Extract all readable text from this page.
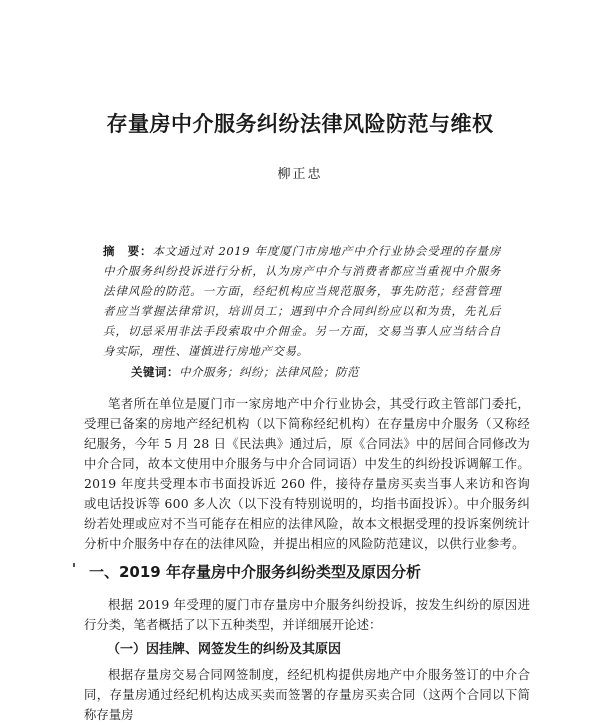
存量房中介服务纠纷法律风险防范与维权
柳正忠
摘　要：本文通过对 2019 年度厦门市房地产中介行业协会受理的存量房中介服务纠纷投诉进行分析，认为房产中介与消费者都应当重视中介服务法律风险的防范。一方面，经纪机构应当规范服务，事先防范；经营管理者应当掌握法律常识，培训员工；遇到中介合同纠纷应以和为贵，先礼后兵，切忌采用非法手段索取中介佣金。另一方面，交易当事人应当结合自身实际，理性、谨慎进行房地产交易。
关键词：中介服务；纠纷；法律风险；防范
笔者所在单位是厦门市一家房地产中介行业协会，其受行政主管部门委托，受理已备案的房地产经纪机构（以下简称经纪机构）在存量房中介服务（又称经纪服务，今年 5 月 28 日《民法典》通过后，原《合同法》中的居间合同修改为中介合同，故本文使用中介服务与中介合同词语）中发生的纠纷投诉调解工作。2019 年度共受理本市书面投诉近 260 件，接待存量房买卖当事人来访和咨询或电话投诉等 600 多人次（以下没有特别说明的，均指书面投诉）。中介服务纠纷若处理或应对不当可能存在相应的法律风险，故本文根据受理的投诉案例统计分析中介服务中存在的法律风险，并提出相应的风险防范建议，以供行业参考。
一、2019 年存量房中介服务纠纷类型及原因分析
根据 2019 年受理的厦门市存量房中介服务纠纷投诉，按发生纠纷的原因进行分类，笔者概括了以下五种类型，并详细展开论述：
（一）因挂牌、网签发生的纠纷及其原因
根据存量房交易合同网签制度，经纪机构提供房地产中介服务签订的中介合同，存量房通过经纪机构达成买卖而签署的存量房买卖合同（这两个合同以下简称存量房
